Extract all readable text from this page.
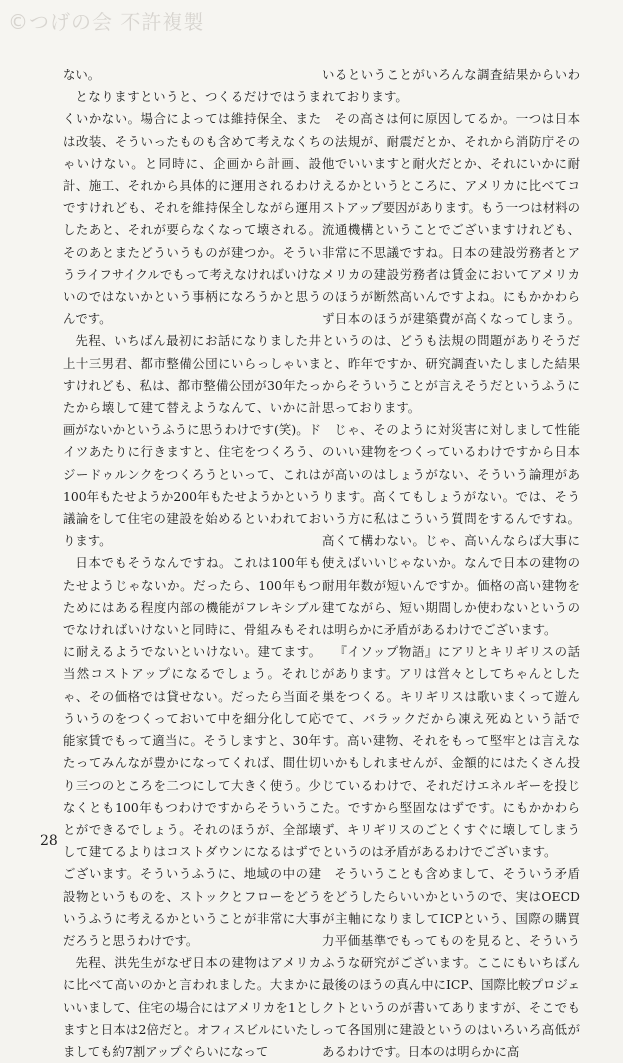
©つげの会 不許複製

ない。

となりますというと、つくるだけではうまくいかない。場合によっては維持保全、または改装、そういったものも含めて考えなくちゃいけない。と同時に、企画から計画、設計、施工、それから具体的に運用されるわけですけれども、それを維持保全しながら運用したあと、それが要らなくなって壊される。そのあとまたどういうものが建つか。そういうライフサイクルでもって考えなければいけないのではないかという事柄になろうかと思うんです。

先程、いちばん最初にお話になりました井上十三男君、都市整備公団にいらっしゃいますけれども、私は、都市整備公団が30年たったから壊して建て替えようなんて、いかに計画がないかというふうに思うわけです(笑)。ドイツあたりに行きますと、住宅をつくろう、ジードゥルンクをつくろうといって、これは100年もたせようか200年もたせようかという議論をして住宅の建設を始めるといわれております。

日本でもそうなんですね。これは100年もたせようじゃないか。だったら、100年もつためにはある程度内部の機能がフレキシブルでなければいけないと同時に、骨組みもそれに耐えるようでないといけない。建てます。当然コストアップになるでしょう。それじゃ、その価格では貸せない。だったら当面そういうのをつくっておいて中を細分化して応能家賃でもって適当に。そうしますと、30年たってみんなが豊かになってくれば、間仕切り三つのところを二つにして大きく使う。少なくとも100年もつわけですからそういうことができるでしょう。それのほうが、全部壊して建てるよりはコストダウンになるはずでございます。そういうふうに、地域の中の建設物というものを、ストックとフローをどういうふうに考えるかということが非常に大事だろうと思うわけです。

先程、洪先生がなぜ日本の建物はアメリカに比べて高いのかと言われました。大まかにいいまして、住宅の場合にはアメリカを1としますと日本は2倍だと。オフィスビルにいたしましても約7割アップぐらいになって

いるということがいろんな調査結果からいわれております。

その高さは何に原因してるか。一つは日本の法規が、耐震だとか、それから消防庁その他でいいますと耐火だとか、それにいかに耐えるかというところに、アメリカに比べてコストアップ要因があります。もう一つは材料の流通機構ということでございますけれども、非常に不思議ですね。日本の建設労務者とアメリカの建設労務者は賃金においてアメリカのほうが断然高いんですよね。にもかかわらず日本のほうが建築費が高くなってしまう。というのは、どうも法規の問題がありそうだと、昨年ですか、研究調査いたしました結果からそういうことが言えそうだというふうに思っております。

じゃ、そのように対災害に対しまして性能のいい建物をつくっているわけですから日本が高いのはしょうがない、そういう論理があります。高くてもしょうがない。では、そういう方に私はこういう質問をするんですね。高くて構わない。じゃ、高いんならば大事に使えばいいじゃないか。なんで日本の建物の耐用年数が短いんですか。価格の高い建物を建てながら、短い期間しか使わないというのは明らかに矛盾があるわけでございます。

『イソップ物語』にアリとキリギリスの話があります。アリは営々としてちゃんとした巣をつくる。キリギリスは歌いまくって遊んでて、バラックだから凍え死ぬという話です。高い建物、それをもって堅牢とは言えないかもしれませんが、金額的にはたくさん投じているわけで、それだけエネルギーを投じた。ですから堅固なはずです。にもかかわらず、キリギリスのごとくすぐに壊してしまうというのは矛盾があるわけでございます。

そういうことも含めまして、そういう矛盾をどうしたらいいかというので、実はOECDが主軸になりましてICPという、国際の購買力平価基準でもってものを見ると、そういうふうな研究がございます。ここにもいちばん最後のほうの真ん中にICP、国際比較プロジェクトというのが書いてありますが、そこでもって各国別に建設というのはいろいろ高低があるわけです。日本のは明らかに高

28
